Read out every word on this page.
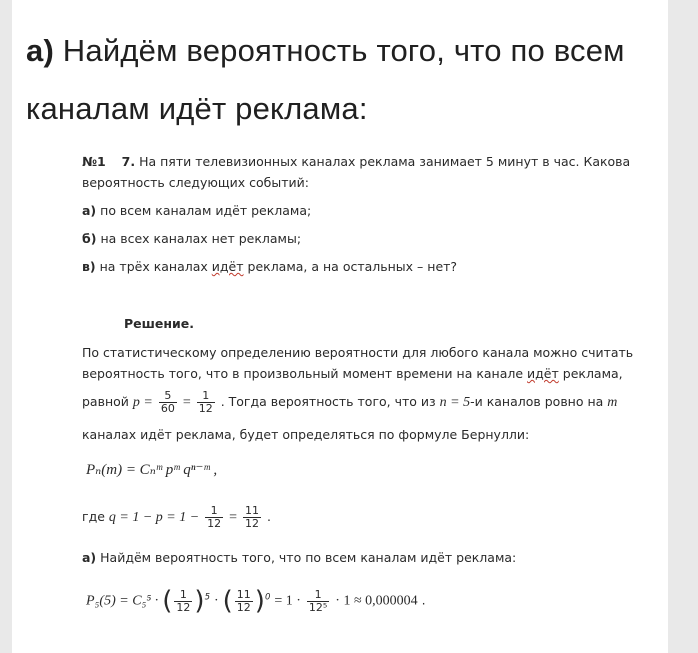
а) Найдём вероятность того, что по всем каналам идёт реклама:
№1 7. На пяти телевизионных каналах реклама занимает 5 минут в час. Какова
вероятность следующих событий:
а) по всем каналам идёт реклама;
б) на всех каналах нет рекламы;
в) на трёх каналах идёт реклама, а на остальных – нет?
Решение.
По статистическому определению вероятности для любого канала можно считать
вероятность того, что в произвольный момент времени на канале идёт реклама,
равной $p = \frac{5}{60} = \frac{1}{12}$ . Тогда вероятность того, что из n = 5-и каналов ровно на m
каналах идёт реклама, будет определяться по формуле Бернулли:
Pₙ(m) = Cₙᵐ pᵐ qⁿ⁻ᵐ ,
где $q = 1 - p = 1 - \frac{1}{12} = \frac{11}{12}$ .
а) Найдём вероятность того, что по всем каналам идёт реклама:
P₅(5) = C₅⁵ · ( $\frac{1}{12} )^5$ · ( $\frac{11}{12} )^0 = 1 \cdot \frac{1}{\text{12⁵}} \cdot 1 \approx 0,000004$ .
